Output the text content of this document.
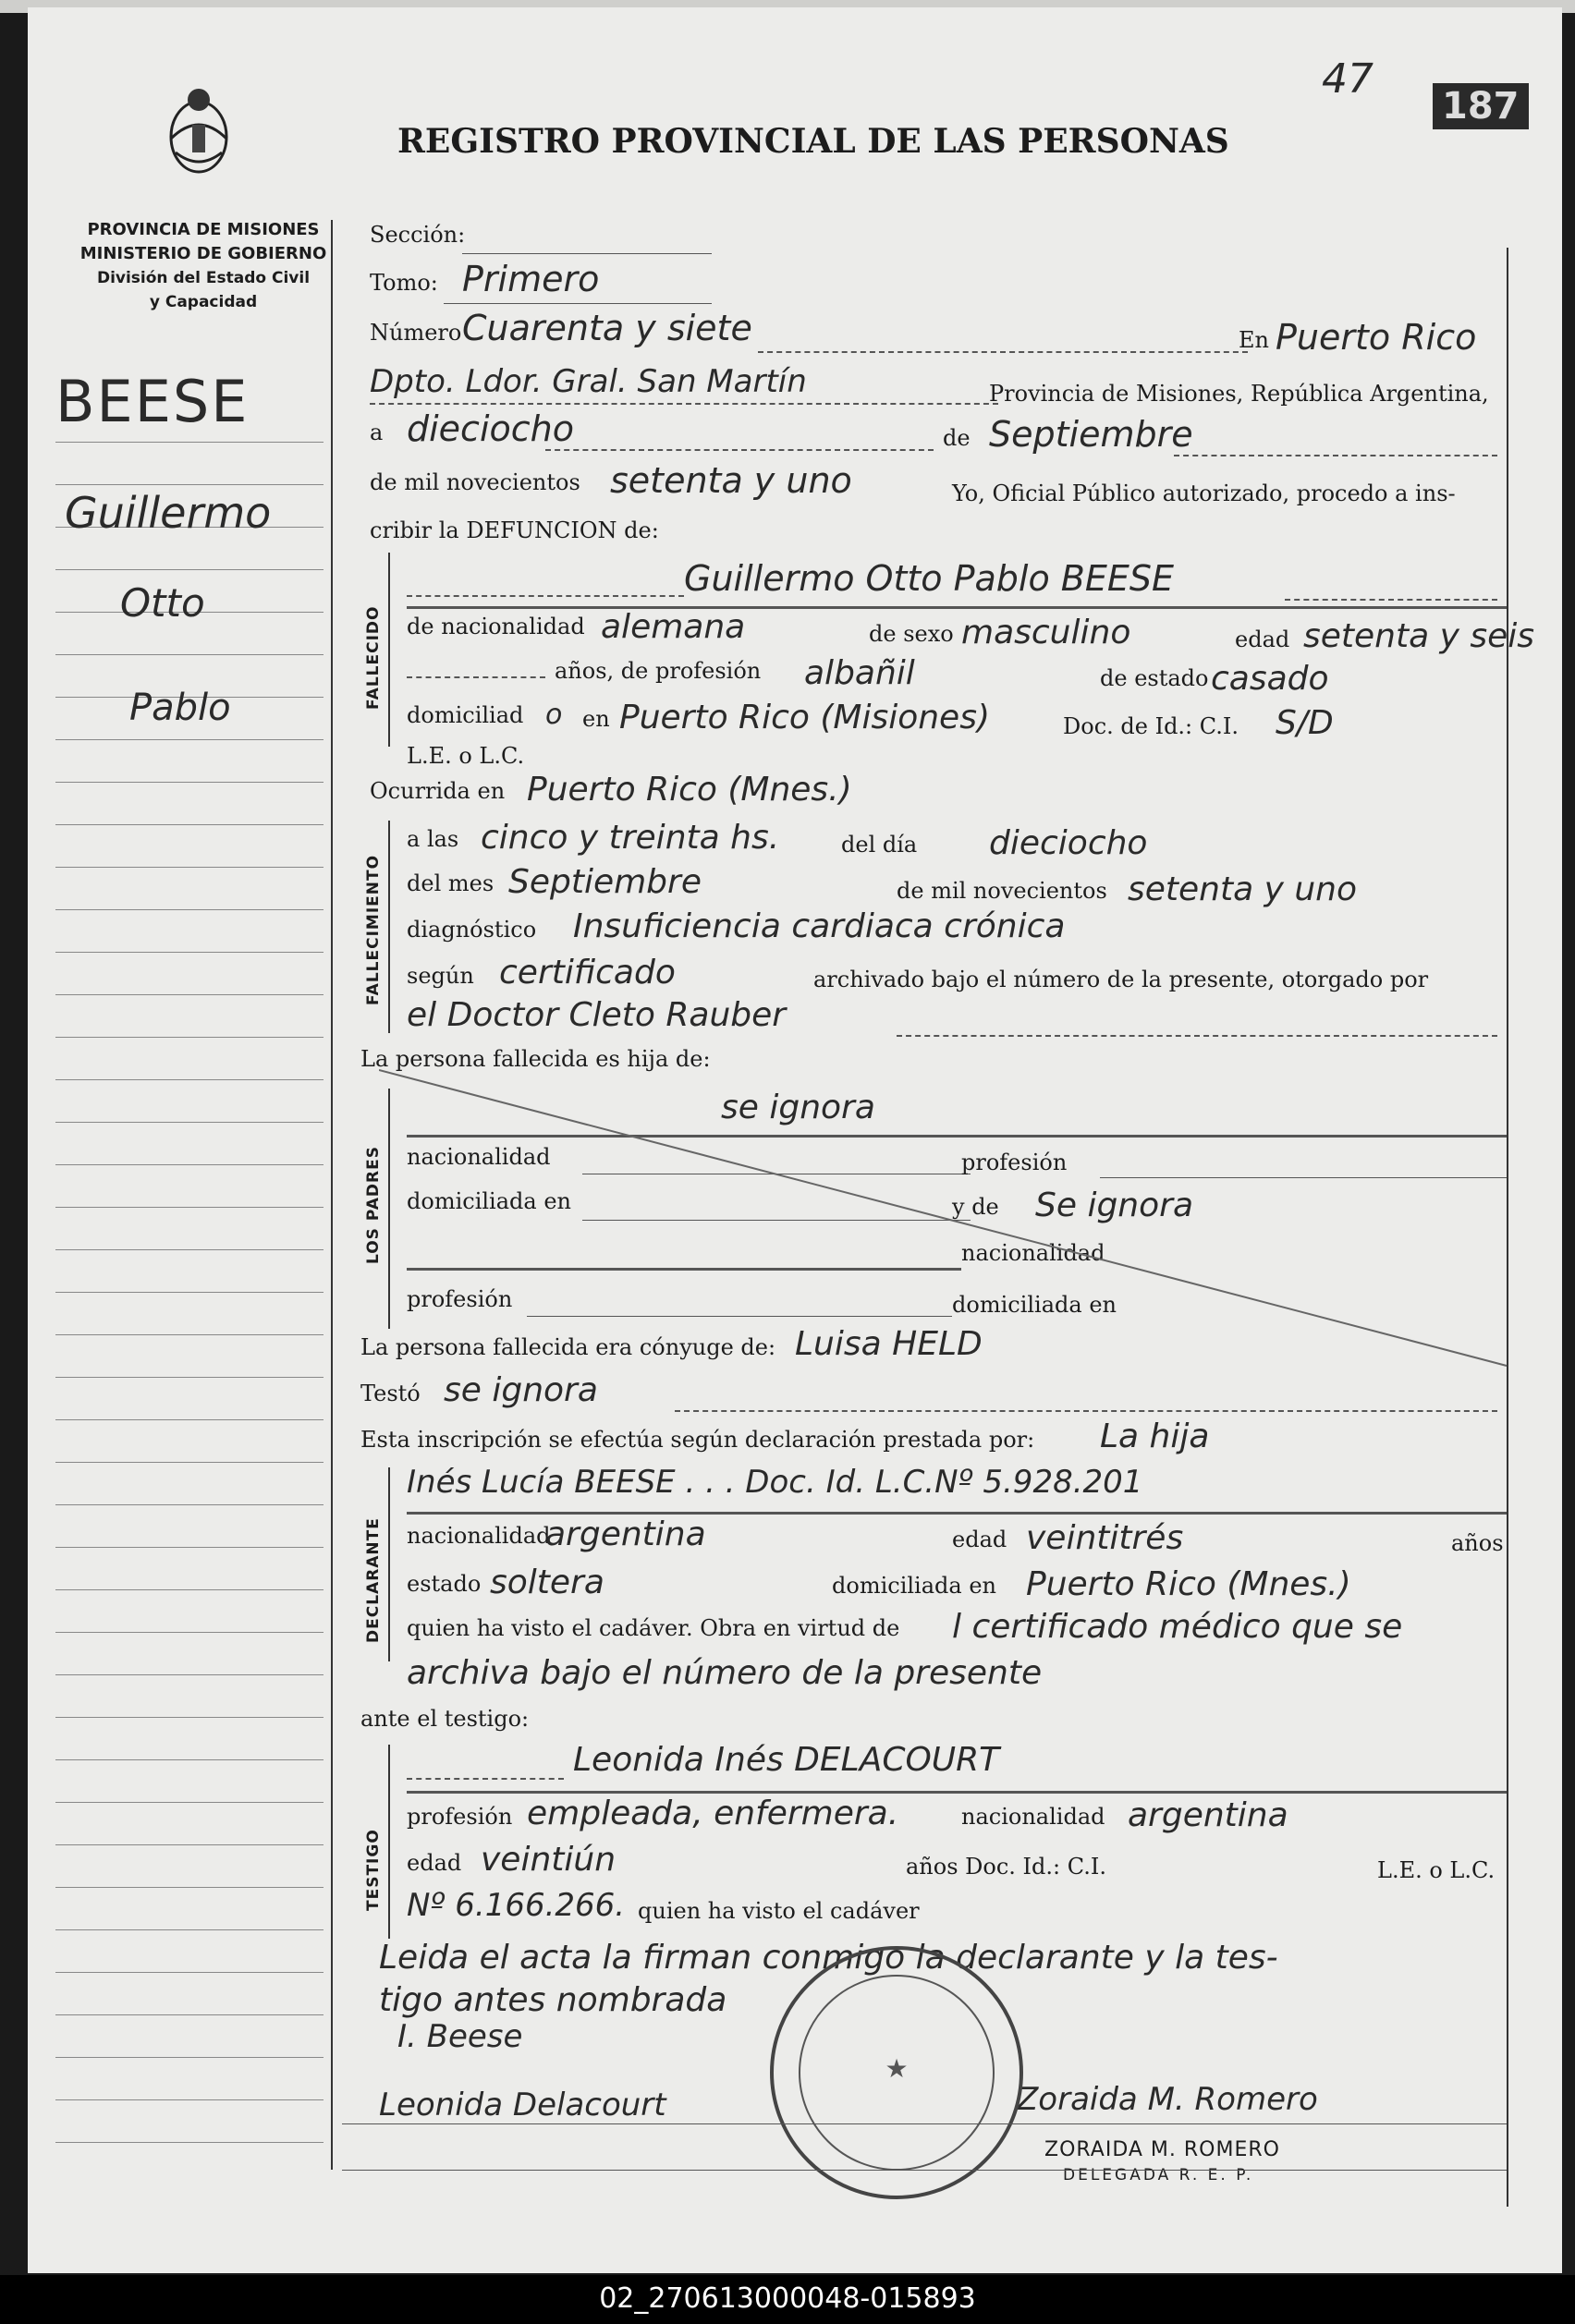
47
187
REGISTRO PROVINCIAL DE LAS PERSONAS
PROVINCIA DE MISIONES
MINISTERIO DE GOBIERNO
División del Estado Civil
y Capacidad
BEESE
Guillermo
Otto
Pablo
Sección:
Tomo: Primero
Número Cuarenta y siete	En Puerto Rico
Dpto. Ldor. Gral. San Martín	Provincia de Misiones, República Argentina,
a dieciocho	de Septiembre
de mil novecientos setenta y uno	Yo, Oficial Público autorizado, procedo a ins-
cribir la DEFUNCION de:
FALLECIDO
Guillermo Otto Pablo BEESE
de nacionalidad alemana	de sexo masculino	edad setenta y seis
años, de profesión albañil	de estado casado
domiciliad o en Puerto Rico (Misiones)	Doc. de Id.: C.I. S/D
L.E. o L.C.
Ocurrida en Puerto Rico (Mnes.)
FALLECIMIENTO
a las cinco y treinta hs.	del día dieciocho
del mes Septiembre	de mil novecientos setenta y uno
diagnóstico Insuficiencia cardiaca crónica
según certificado	archivado bajo el número de la presente, otorgado por
el Doctor Cleto Rauber
La persona fallecida es hija de:
LOS PADRES
se ignora
nacionalidad	profesión
domiciliada en	y de Se ignora
nacionalidad
profesión	domiciliada en
La persona fallecida era cónyuge de: Luisa HELD
Testó se ignora
Esta inscripción se efectúa según declaración prestada por: La hija
DECLARANTE
Inés Lucía BEESE . . . Doc. Id. L.C.Nº 5.928.201
nacionalidad
argentina	edad veintitrés	años
estado soltera	domiciliada en Puerto Rico (Mnes.)
quien ha visto el cadáver. Obra en virtud de l certificado médico que se
archiva bajo el número de la presente
ante el testigo:
TESTIGO
Leonida Inés DELACOURT
profesión empleada, enfermera.	nacionalidad argentina
edad veintiún	años Doc. Id.: C.I.	L.E. o L.C.
Nº 6.166.266. quien ha visto el cadáver
Leida el acta la firman conmigo la declarante y la tes-
tigo antes nombrada
I. Beese
Leonida Delacourt	Zoraida M. Romero
ZORAIDA M. ROMERO
DELEGADA R. E. P.
★
02_270613000048-015893
